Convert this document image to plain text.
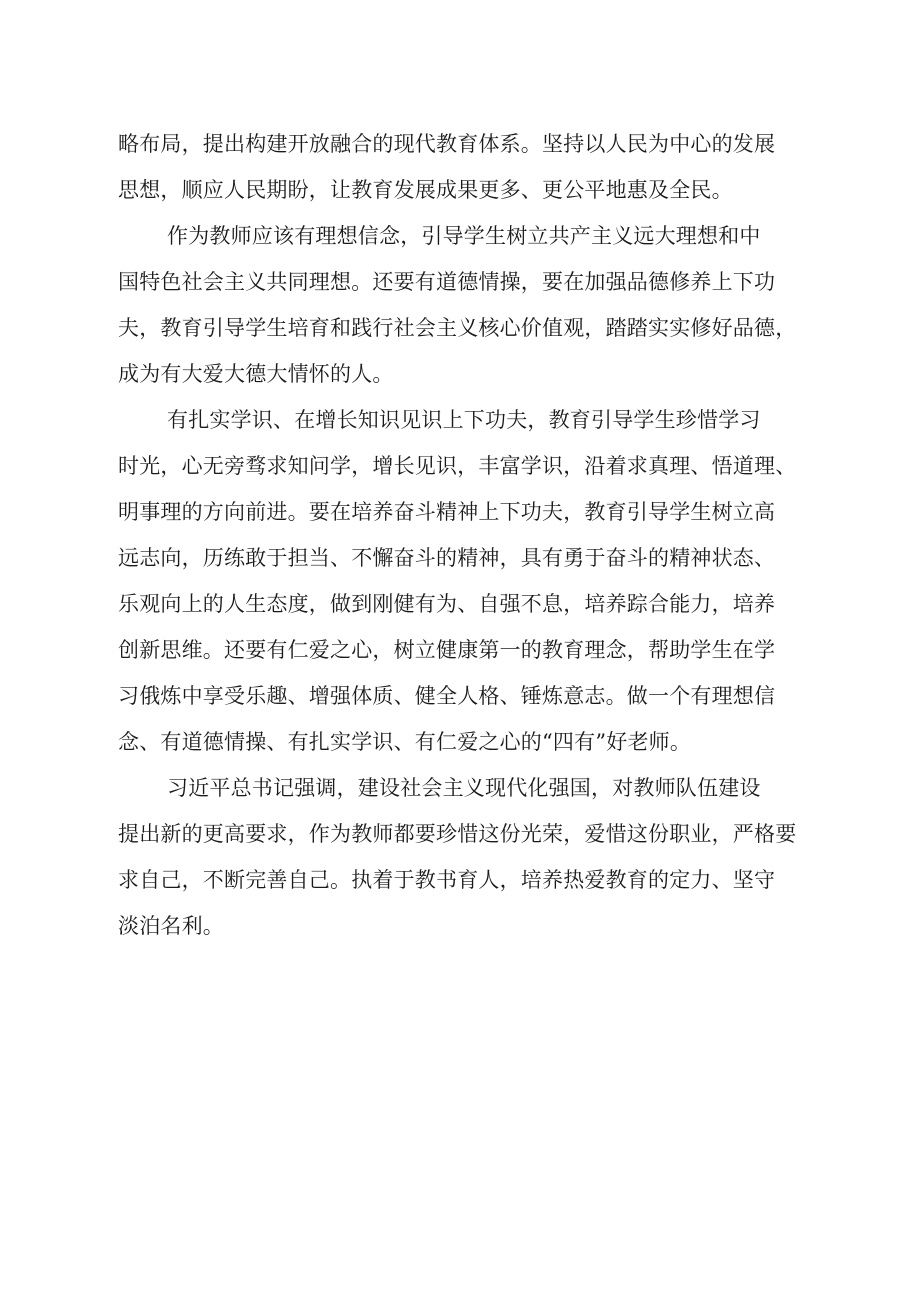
略布局，提出构建开放融合的现代教育体系。坚持以人民为中心的发展
思想，顺应人民期盼，让教育发展成果更多、更公平地惠及全民。
作为教师应该有理想信念，引导学生树立共产主义远大理想和中
国特色社会主义共同理想。还要有道德情操，要在加强品德修养上下功
夫，教育引导学生培育和践行社会主义核心价值观，踏踏实实修好品德，
成为有大爱大德大情怀的人。
有扎实学识、在增长知识见识上下功夫，教育引导学生珍惜学习
时光，心无旁骛求知问学，增长见识，丰富学识，沿着求真理、悟道理、
明事理的方向前进。要在培养奋斗精神上下功夫，教育引导学生树立高
远志向，历练敢于担当、不懈奋斗的精神，具有勇于奋斗的精神状态、
乐观向上的人生态度，做到刚健有为、自强不息，培养踪合能力，培养
创新思维。还要有仁爱之心，树立健康第一的教育理念，帮助学生在学
习俄炼中享受乐趣、增强体质、健全人格、锤炼意志。做一个有理想信
念、有道德情操、有扎实学识、有仁爱之心的“四有”好老师。
习近平总书记强调，建设社会主义现代化强国，对教师队伍建设
提出新的更高要求，作为教师都要珍惜这份光荣，爱惜这份职业，严格要
求自己，不断完善自己。执着于教书育人，培养热爱教育的定力、坚守
淡泊名利。
